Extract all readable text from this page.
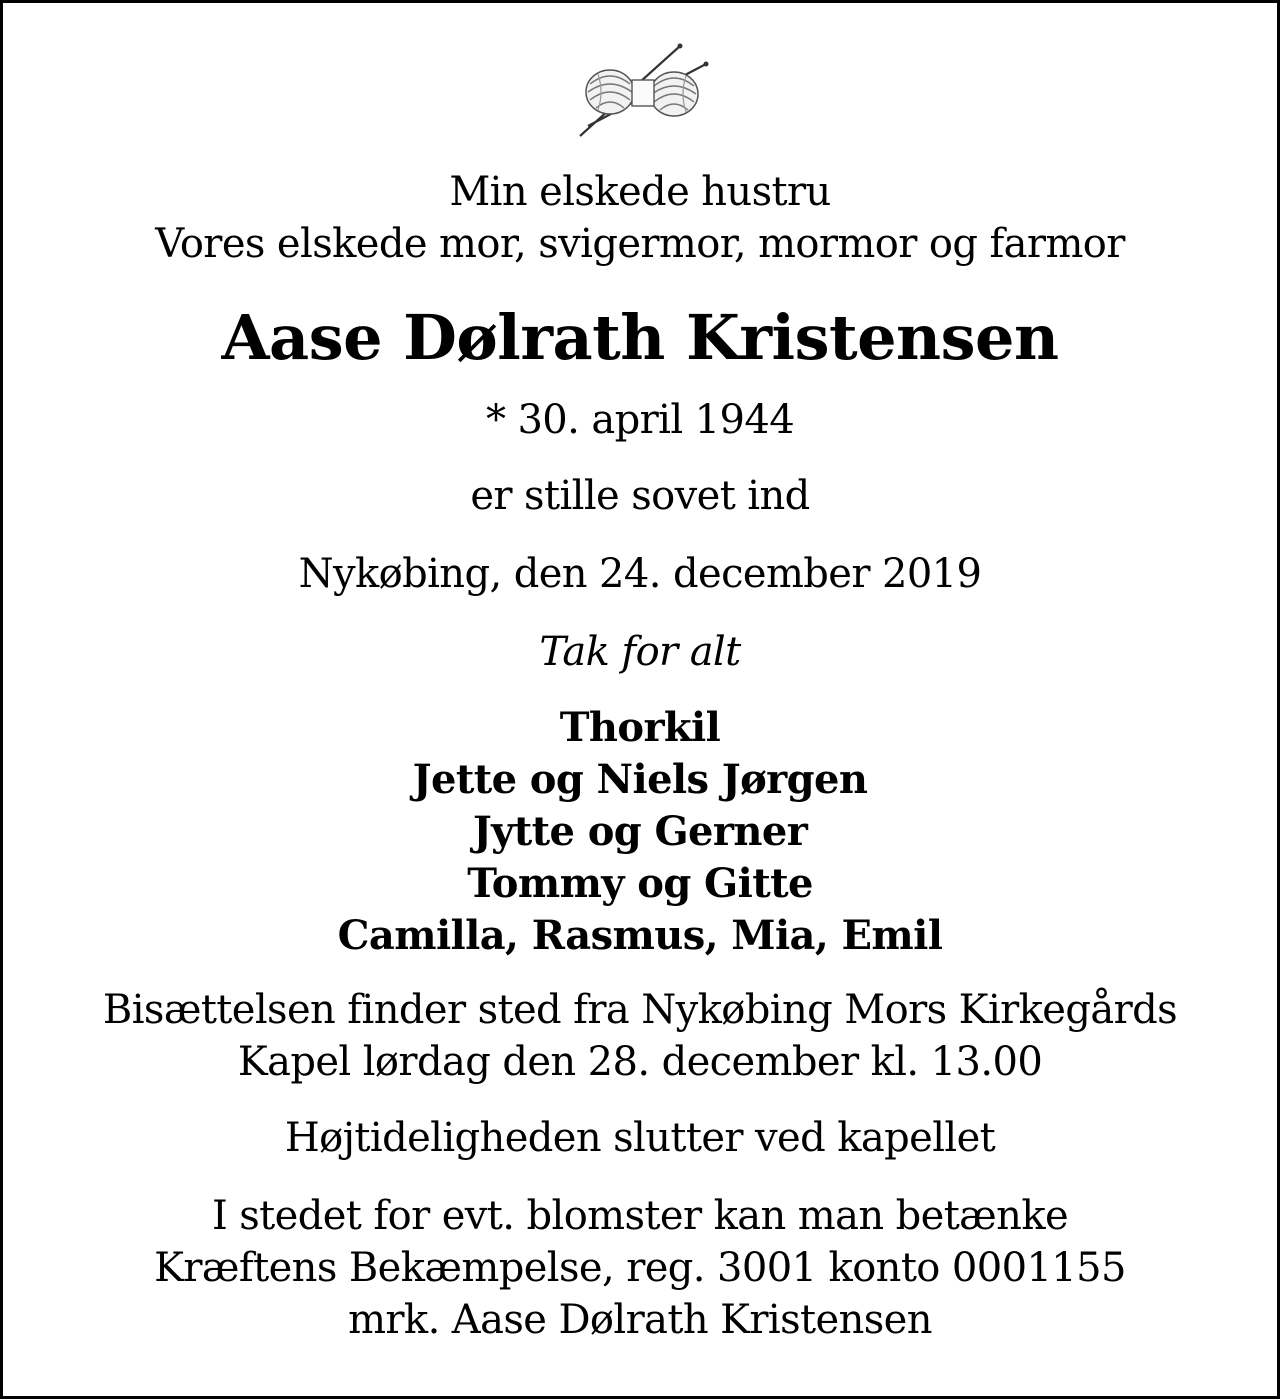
Min elskede hustru
Vores elskede mor, svigermor, mormor og farmor
Aase Dølrath Kristensen
* 30. april 1944
er stille sovet ind
Nykøbing, den 24. december 2019
Tak for alt
Thorkil
Jette og Niels Jørgen
Jytte og Gerner
Tommy og Gitte
Camilla, Rasmus, Mia, Emil
Bisættelsen finder sted fra Nykøbing Mors Kirkegårds
Kapel lørdag den 28. december kl. 13.00
Højtideligheden slutter ved kapellet
I stedet for evt. blomster kan man betænke
Kræftens Bekæmpelse, reg. 3001 konto 0001155
mrk. Aase Dølrath Kristensen
